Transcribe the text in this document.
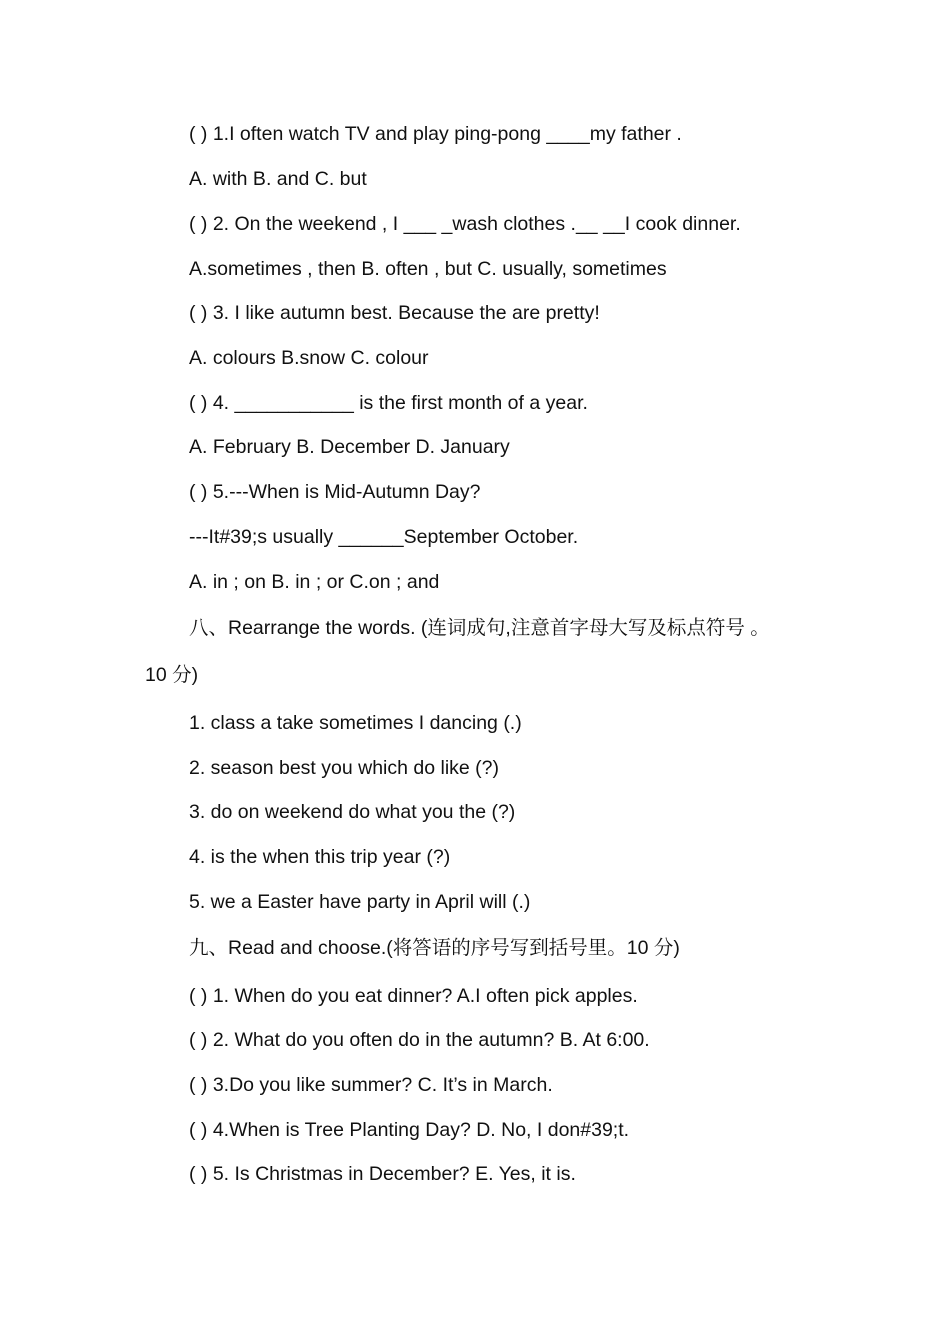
( ) 1.I often watch TV and play ping-pong ____my father .
A. with B. and C. but
( ) 2. On the weekend , I ___ _wash clothes .__ __I cook dinner.
A.sometimes , then B. often , but C. usually, sometimes
( ) 3. I like autumn best. Because the are pretty!
A. colours B.snow C. colour
( ) 4. ___________ is the first month of a year.
A. February B. December D. January
( ) 5.---When is Mid-Autumn Day?
---It#39;s usually ______September October.
A. in ; on B. in ; or C.on ; and
八、Rearrange the words. (连词成句,注意首字母大写及标点符号 。
10 分)
1. class a take sometimes I dancing (.)
2. season best you which do like (?)
3. do on weekend do what you the (?)
4. is the when this trip year (?)
5. we a Easter have party in April will (.)
九、Read and choose.(将答语的序号写到括号里。10 分)
( ) 1. When do you eat dinner? A.I often pick apples.
( ) 2. What do you often do in the autumn? B. At 6:00.
( ) 3.Do you like summer? C. It’s in March.
( ) 4.When is Tree Planting Day? D. No, I don#39;t.
( ) 5. Is Christmas in December? E. Yes, it is.
